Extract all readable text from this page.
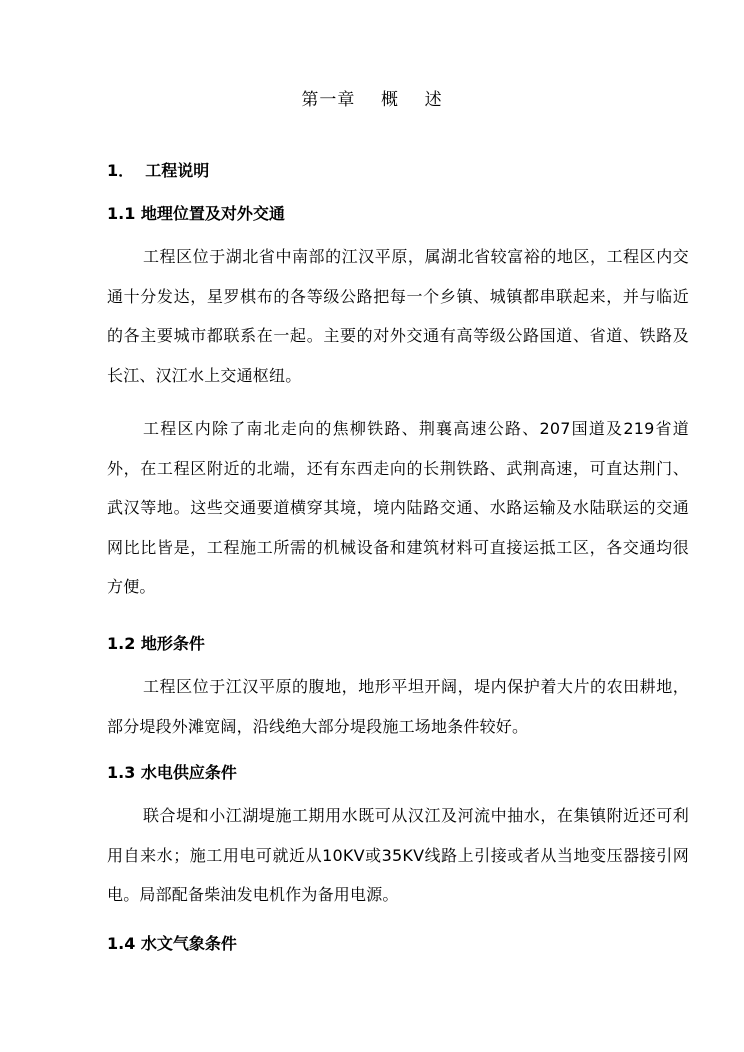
第一章    概    述
1．  工程说明
1.1 地理位置及对外交通
工程区位于湖北省中南部的江汉平原，属湖北省较富裕的地区，工程区内交通十分发达，星罗棋布的各等级公路把每一个乡镇、城镇都串联起来，并与临近的各主要城市都联系在一起。主要的对外交通有高等级公路国道、省道、铁路及长江、汉江水上交通枢纽。
工程区内除了南北走向的焦柳铁路、荆襄高速公路、207国道及219省道外，在工程区附近的北端，还有东西走向的长荆铁路、武荆高速，可直达荆门、武汉等地。这些交通要道横穿其境，境内陆路交通、水路运输及水陆联运的交通网比比皆是，工程施工所需的机械设备和建筑材料可直接运抵工区，各交通均很方便。
1.2 地形条件
工程区位于江汉平原的腹地，地形平坦开阔，堤内保护着大片的农田耕地，部分堤段外滩宽阔，沿线绝大部分堤段施工场地条件较好。
1.3 水电供应条件
联合堤和小江湖堤施工期用水既可从汉江及河流中抽水，在集镇附近还可利用自来水；施工用电可就近从10KV或35KV线路上引接或者从当地变压器接引网电。局部配备柴油发电机作为备用电源。
1.4 水文气象条件
